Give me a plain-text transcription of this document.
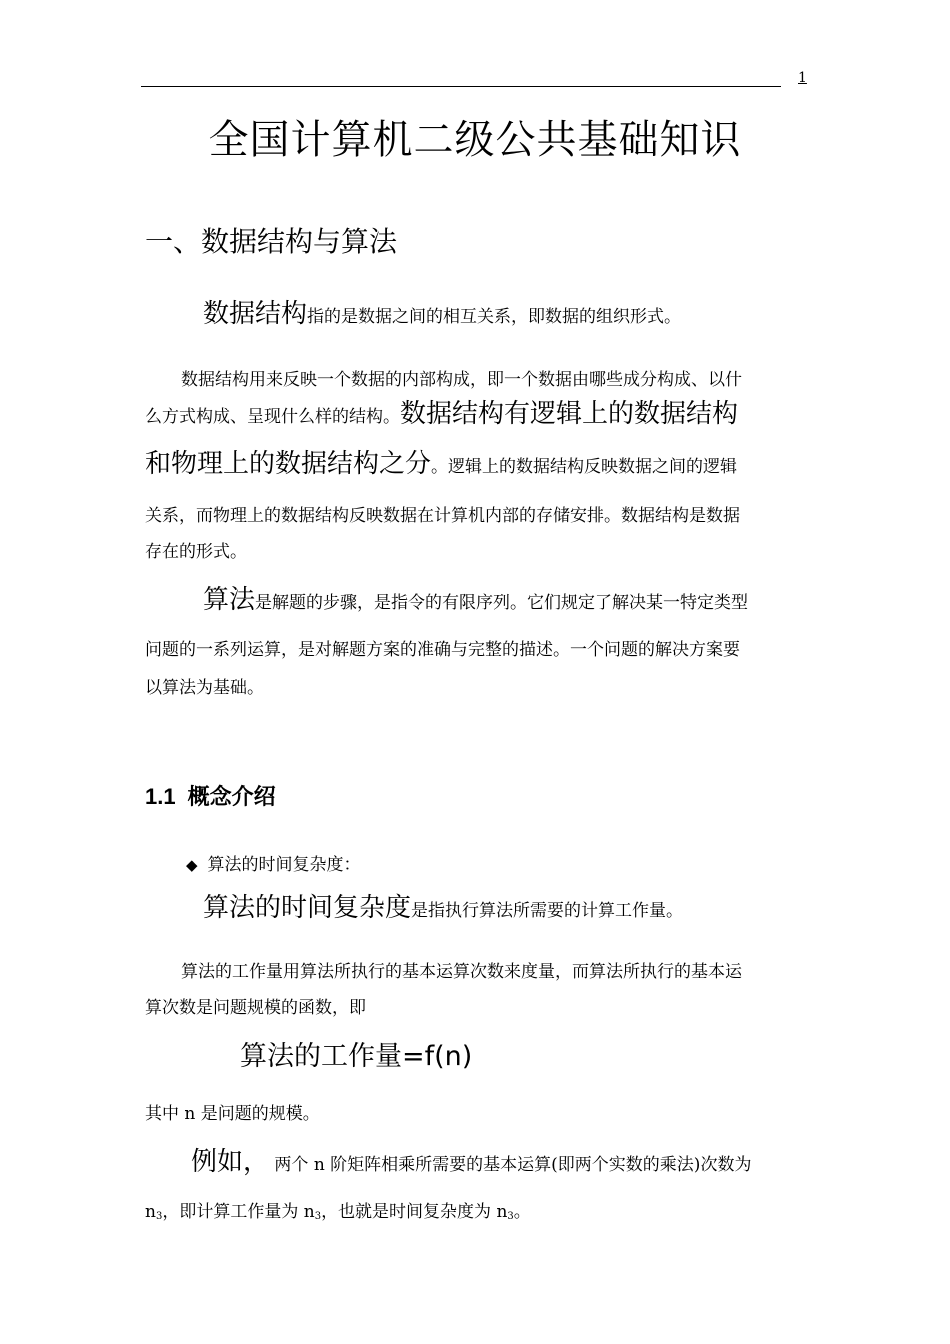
1
全国计算机二级公共基础知识
一、数据结构与算法
数据结构指的是数据之间的相互关系，即数据的组织形式。
数据结构用来反映一个数据的内部构成，即一个数据由哪些成分构成、以什
么方式构成、呈现什么样的结构。数据结构有逻辑上的数据结构
和物理上的数据结构之分。逻辑上的数据结构反映数据之间的逻辑
关系，而物理上的数据结构反映数据在计算机内部的存储安排。数据结构是数据
存在的形式。
算法是解题的步骤，是指令的有限序列。它们规定了解决某一特定类型
问题的一系列运算，是对解题方案的准确与完整的描述。一个问题的解决方案要
以算法为基础。
1.1 概念介绍
◆ 算法的时间复杂度：
算法的时间复杂度是指执行算法所需要的计算工作量。
算法的工作量用算法所执行的基本运算次数来度量，而算法所执行的基本运
算次数是问题规模的函数，即
算法的工作量=f(n)
其中 n 是问题的规模。
例如， 两个 n 阶矩阵相乘所需要的基本运算(即两个实数的乘法)次数为
$n^3$，即计算工作量为 $n^3$，也就是时间复杂度为 $n^3$。
